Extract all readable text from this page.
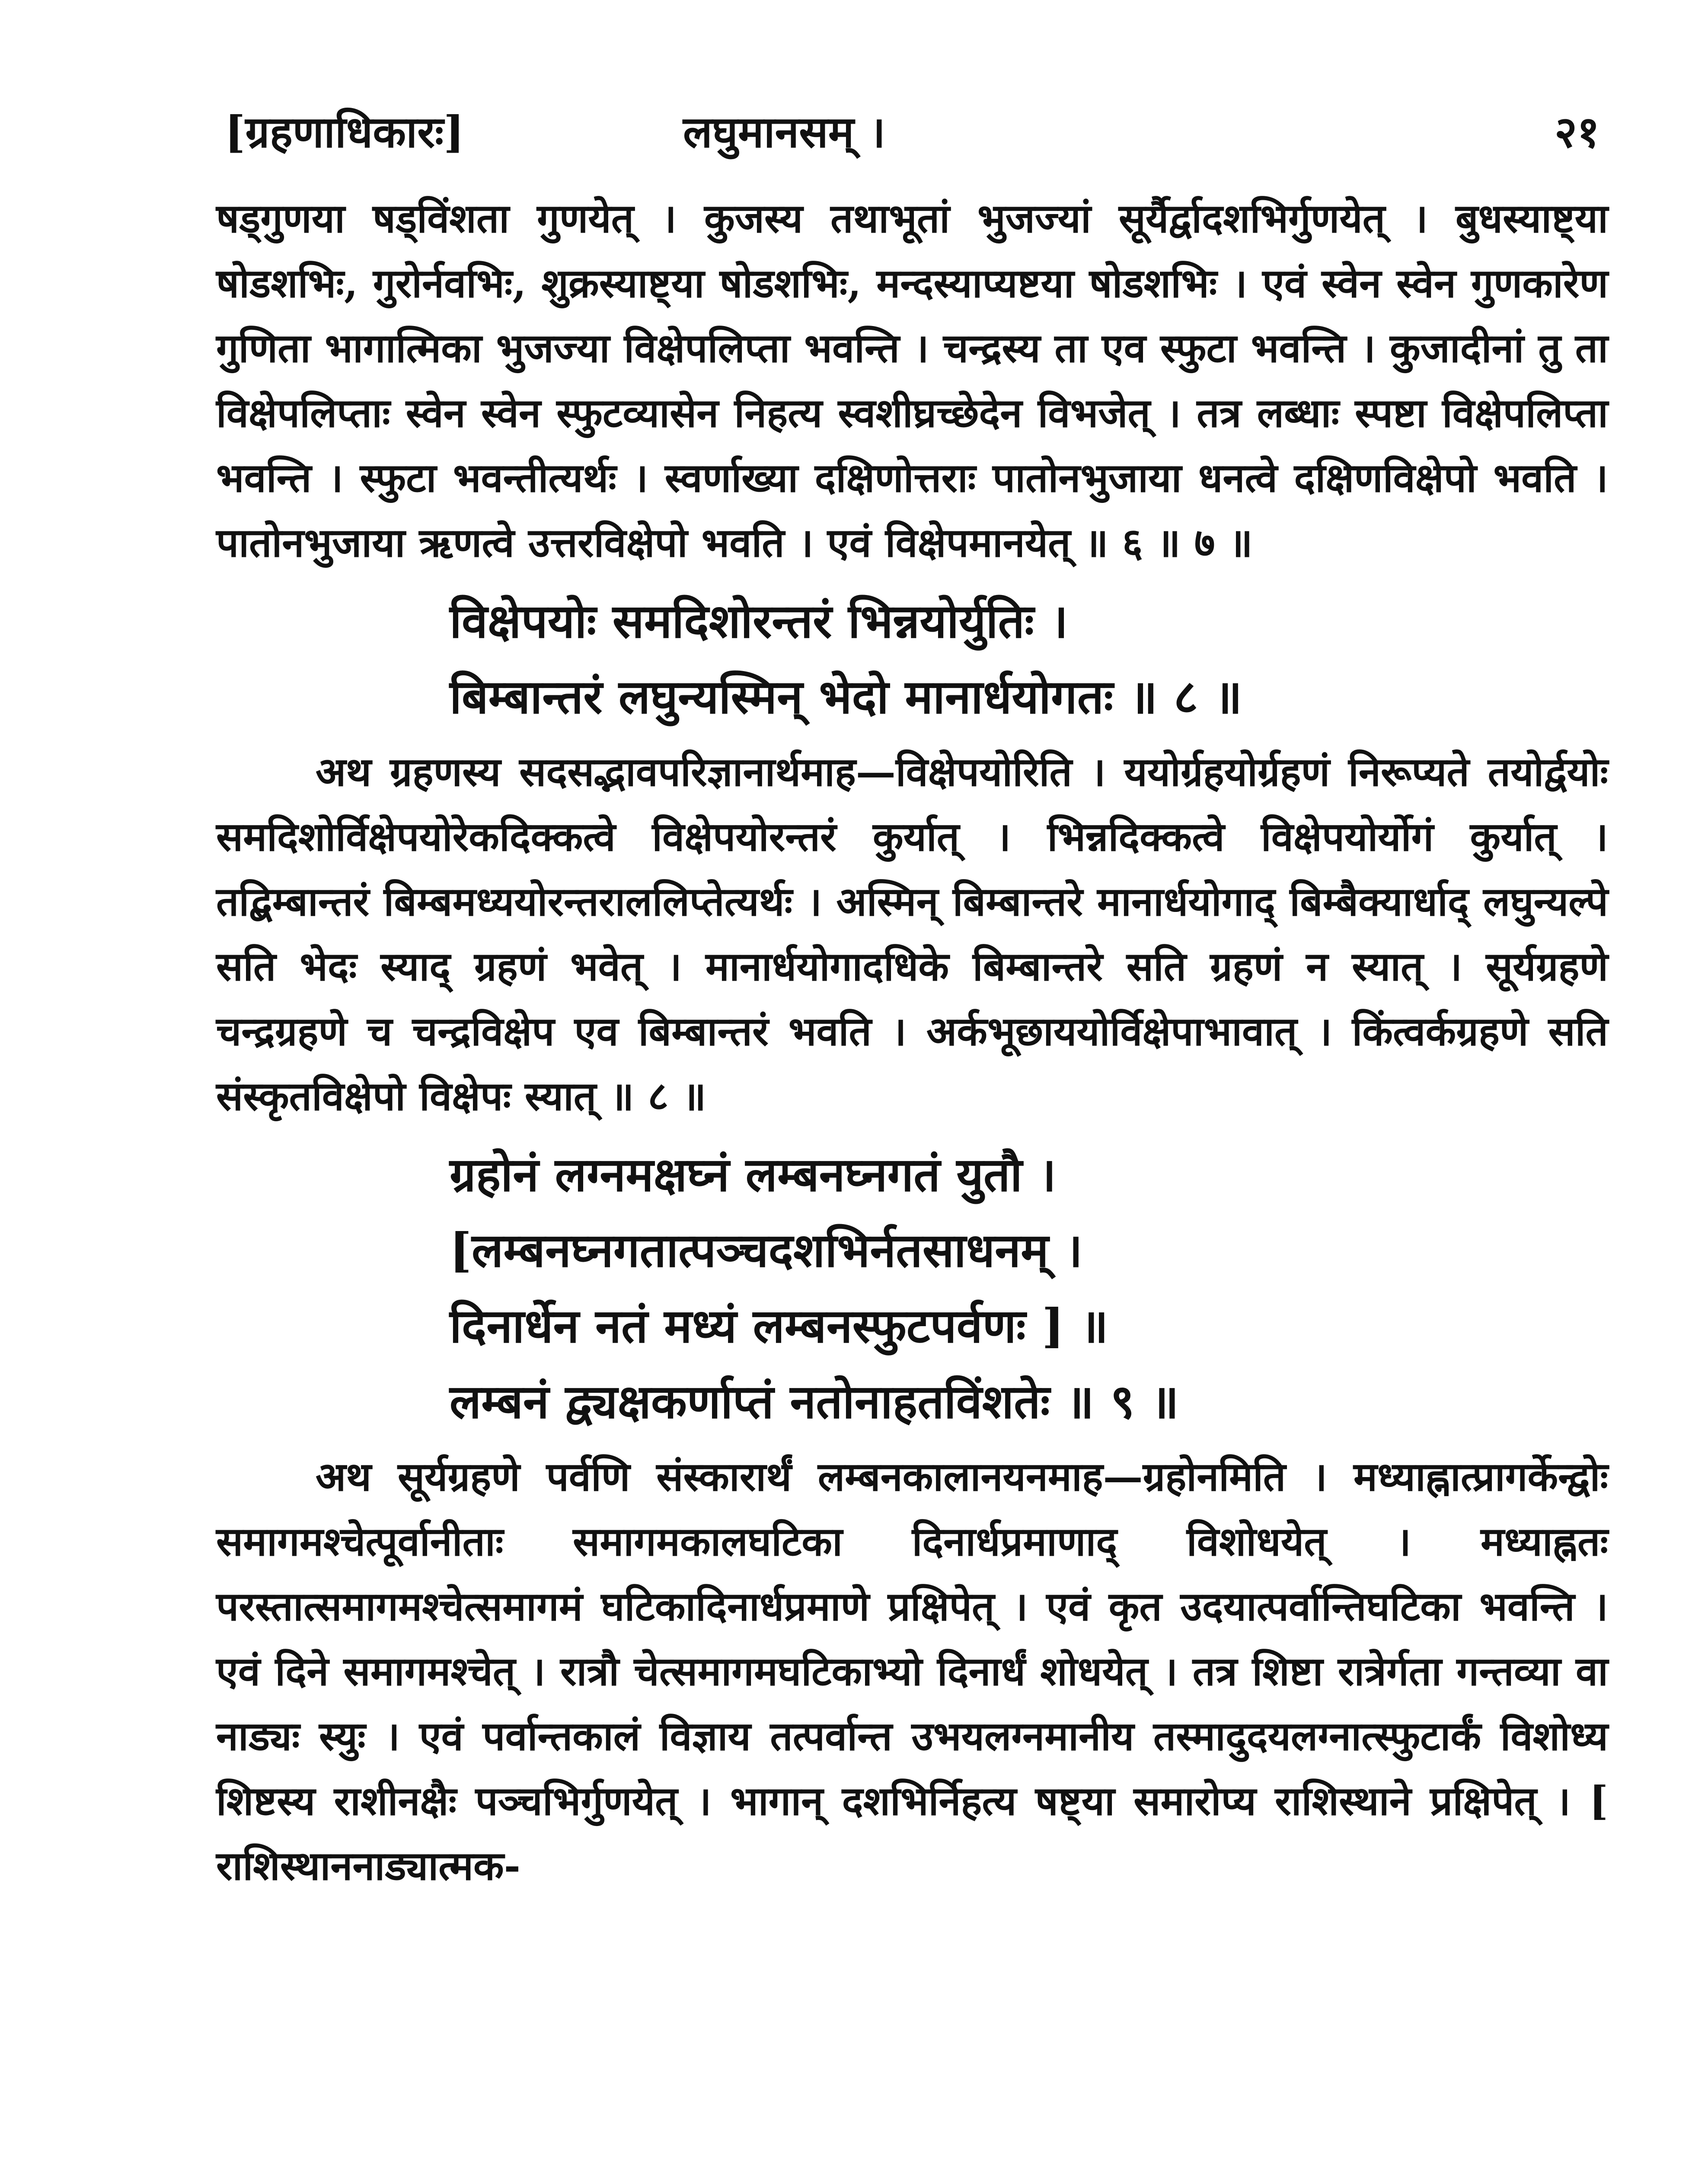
[ग्रहणाधिकारः]	लघुमानसम् ।	२१

षड्गुणया षड्विंशता गुणयेत् । कुजस्य तथाभूतां भुजज्यां सूर्यैर्द्वादशभिर्गुणयेत् । बुधस्याष्ट्या षोडशभिः, गुरोर्नवभिः, शुक्रस्याष्ट्या षोडशभिः, मन्दस्याप्यष्टया षोडशभिः । एवं स्वेन स्वेन गुणकारेण गुणिता भागात्मिका भुजज्या विक्षेपलिप्ता भवन्ति । चन्द्रस्य ता एव स्फुटा भवन्ति । कुजादीनां तु ता विक्षेपलिप्ताः स्वेन स्वेन स्फुटव्यासेन निहत्य स्वशीघ्रच्छेदेन विभजेत् । तत्र लब्धाः स्पष्टा विक्षेपलिप्ता भवन्ति । स्फुटा भवन्तीत्यर्थः । स्वर्णाख्या दक्षिणोत्तराः पातोनभुजाया धनत्वे दक्षिणविक्षेपो भवति । पातोनभुजाया ऋणत्वे उत्तरविक्षेपो भवति । एवं विक्षेपमानयेत् ॥ ६ ॥ ७ ॥

विक्षेपयोः समदिशोरन्तरं भिन्नयोर्युतिः ।
बिम्बान्तरं लघुन्यस्मिन् भेदो मानार्धयोगतः ॥ ८ ॥

अथ ग्रहणस्य सदसद्भावपरिज्ञानार्थमाह—विक्षेपयोरिति । ययोर्ग्रहयोर्ग्रहणं निरूप्यते तयोर्द्वयोः समदिशोर्विक्षेपयोरेकदिक्कत्वे विक्षेपयोरन्तरं कुर्यात् । भिन्नदिक्कत्वे विक्षेपयोर्योगं कुर्यात् । तद्बिम्बान्तरं बिम्बमध्ययोरन्तराललिप्तेत्यर्थः । अस्मिन् बिम्बान्तरे मानार्धयोगाद् बिम्बैक्यार्धाद् लघुन्यल्पे सति भेदः स्याद् ग्रहणं भवेत् । मानार्धयोगादधिके बिम्बान्तरे सति ग्रहणं न स्यात् । सूर्यग्रहणे चन्द्रग्रहणे च चन्द्रविक्षेप एव बिम्बान्तरं भवति । अर्कभूछाययोर्विक्षेपाभावात् । किंत्वर्कग्रहणे सति संस्कृतविक्षेपो विक्षेपः स्यात् ॥ ८ ॥

ग्रहोनं लग्नमक्षघ्नं लम्बनघ्नगतं युतौ ।
[लम्बनघ्नगतात्पञ्चदशभिर्नतसाधनम् ।
दिनार्धेन नतं मध्यं लम्बनस्फुटपर्वणः ] ॥
लम्बनं द्व्यक्षकर्णाप्तं नतोनाहतविंशतेः ॥ ९ ॥

अथ सूर्यग्रहणे पर्वणि संस्कारार्थं लम्बनकालानयनमाह—ग्रहोनमिति । मध्याह्नात्प्रागर्केन्द्वोः समागमश्चेत्पूर्वानीताः समागमकालघटिका दिनार्धप्रमाणाद् विशोधयेत् । मध्याह्नतः परस्तात्समागमश्चेत्समागमं घटिकादिनार्धप्रमाणे प्रक्षिपेत् । एवं कृत उदयात्पर्वान्तिघटिका भवन्ति । एवं दिने समागमश्चेत् । रात्रौ चेत्समागमघटिकाभ्यो दिनार्धं शोधयेत् । तत्र शिष्टा रात्रेर्गता गन्तव्या वा नाड्यः स्युः । एवं पर्वान्तकालं विज्ञाय तत्पर्वान्त उभयलग्नमानीय तस्मादुदयलग्नात्स्फुटार्कं विशोध्य शिष्टस्य राशीनक्षैः पञ्चभिर्गुणयेत् । भागान् दशभिर्निहत्य षष्ट्या समारोप्य राशिस्थाने प्रक्षिपेत् । [ राशिस्थाननाड्यात्मक-
